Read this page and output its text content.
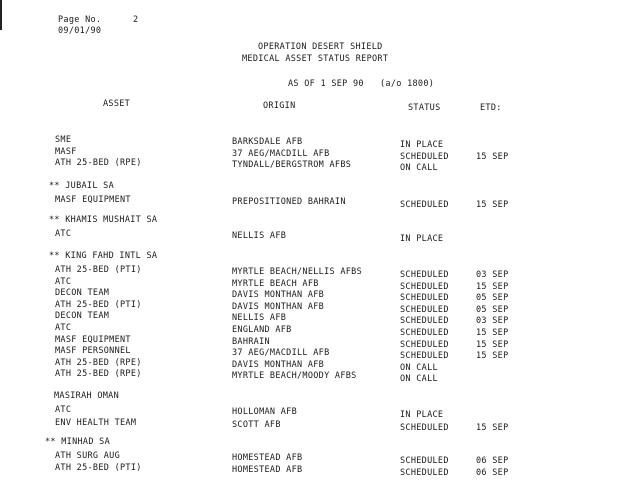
Page No.	2
09/01/90
OPERATION DESERT SHIELD
MEDICAL ASSET STATUS REPORT
AS OF 1 SEP 90 (a/o 1800)
ASSET	ORIGIN	STATUS	ETD:
SME	BARKSDALE AFB	IN PLACE
MASF	37 AEG/MACDILL AFB	SCHEDULED	15 SEP
ATH 25-BED (RPE)	TYNDALL/BERGSTROM AFBS	ON CALL
** JUBAIL SA
MASF EQUIPMENT	PREPOSITIONED BAHRAIN	SCHEDULED	15 SEP
** KHAMIS MUSHAIT SA
ATC	NELLIS AFB	IN PLACE
** KING FAHD INTL SA
ATH 25-BED (PTI)	MYRTLE BEACH/NELLIS AFBS	SCHEDULED	03 SEP
ATC	MYRTLE BEACH AFB	SCHEDULED	15 SEP
DECON TEAM	DAVIS MONTHAN AFB	SCHEDULED	05 SEP
ATH 25-BED (PTI)	DAVIS MONTHAN AFB	SCHEDULED	05 SEP
DECON TEAM	NELLIS AFB	SCHEDULED	03 SEP
ATC	ENGLAND AFB	SCHEDULED	15 SEP
MASF EQUIPMENT	BAHRAIN	SCHEDULED	15 SEP
MASF PERSONNEL	37 AEG/MACDILL AFB	SCHEDULED	15 SEP
ATH 25-BED (RPE)	DAVIS MONTHAN AFB	ON CALL
ATH 25-BED (RPE)	MYRTLE BEACH/MOODY AFBS	ON CALL
MASIRAH OMAN
ATC	HOLLOMAN AFB	IN PLACE
ENV HEALTH TEAM	SCOTT AFB	SCHEDULED	15 SEP
** MINHAD SA
ATH SURG AUG	HOMESTEAD AFB	SCHEDULED	06 SEP
ATH 25-BED (PTI)	HOMESTEAD AFB	SCHEDULED	06 SEP
